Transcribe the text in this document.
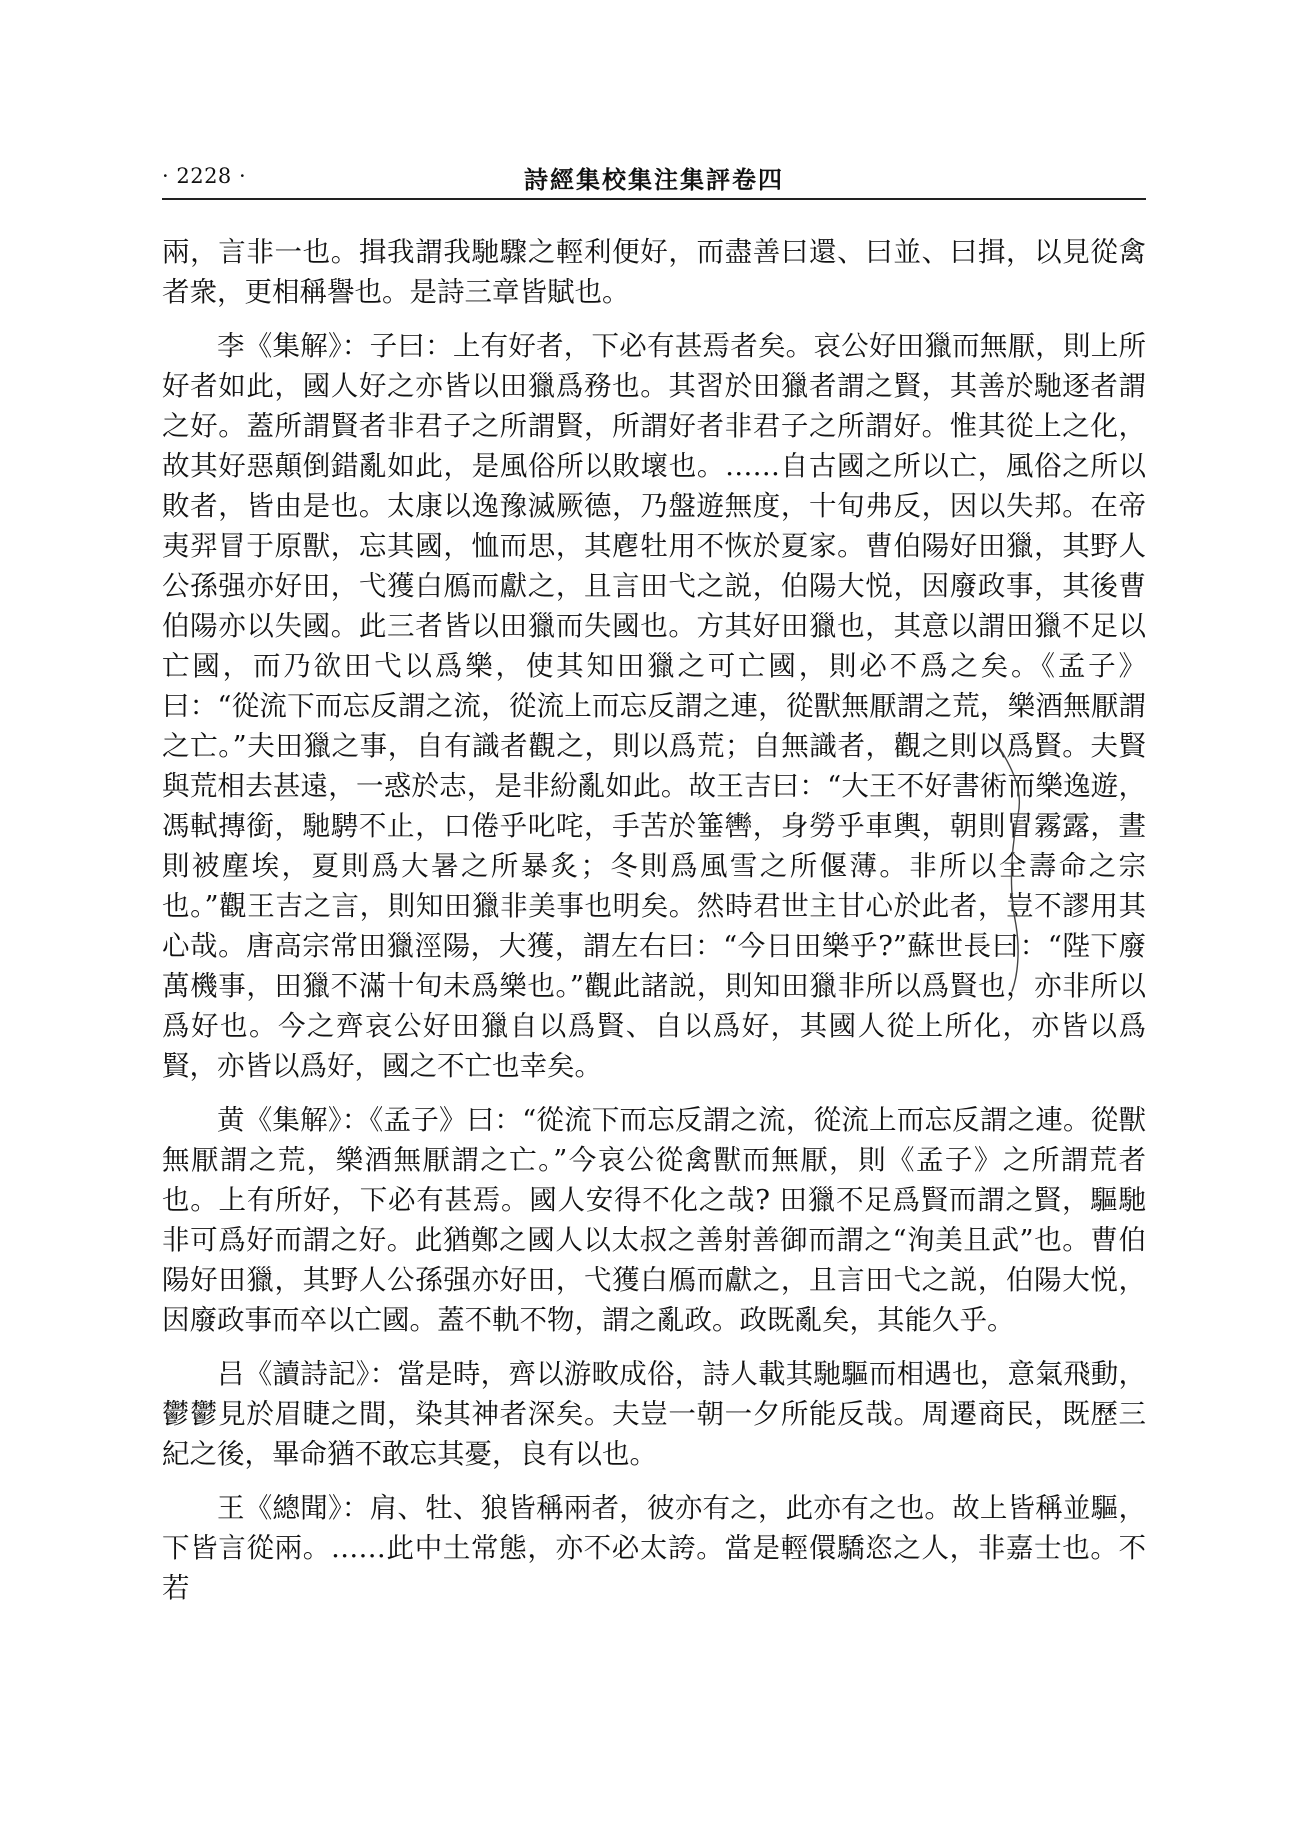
· 2228 ·	詩經集校集注集評卷四

兩，言非一也。揖我謂我馳驟之輕利便好，而盡善曰還、曰並、曰揖，以見從禽者衆，更相稱譽也。是詩三章皆賦也。

李《集解》：子曰：上有好者，下必有甚焉者矣。哀公好田獵而無厭，則上所好者如此，國人好之亦皆以田獵爲務也。其習於田獵者謂之賢，其善於馳逐者謂之好。蓋所謂賢者非君子之所謂賢，所謂好者非君子之所謂好。惟其從上之化，故其好惡顛倒錯亂如此，是風俗所以敗壞也。……自古國之所以亡，風俗之所以敗者，皆由是也。太康以逸豫滅厥德，乃盤遊無度，十旬弗反，因以失邦。在帝夷羿冒于原獸，忘其國，恤而思，其麀牡用不恢於夏家。曹伯陽好田獵，其野人公孫强亦好田，弋獲白鴈而獻之，且言田弋之説，伯陽大悦，因廢政事，其後曹伯陽亦以失國。此三者皆以田獵而失國也。方其好田獵也，其意以謂田獵不足以亡國，而乃欲田弋以爲樂，使其知田獵之可亡國，則必不爲之矣。《孟子》曰：“從流下而忘反謂之流，從流上而忘反謂之連，從獸無厭謂之荒，樂酒無厭謂之亡。”夫田獵之事，自有識者觀之，則以爲荒；自無識者，觀之則以爲賢。夫賢與荒相去甚遠，一惑於志，是非紛亂如此。故王吉曰：“大王不好書術而樂逸遊，馮軾摶銜，馳騁不止，口倦乎叱咤，手苦於箠轡，身勞乎車輿，朝則冒霧露，晝則被塵埃，夏則爲大暑之所暴炙；冬則爲風雪之所偃薄。非所以全壽命之宗也。”觀王吉之言，則知田獵非美事也明矣。然時君世主甘心於此者，豈不謬用其心哉。唐高宗常田獵涇陽，大獲，謂左右曰：“今日田樂乎?”蘇世長曰：“陛下廢萬機事，田獵不滿十旬未爲樂也。”觀此諸説，則知田獵非所以爲賢也，亦非所以爲好也。今之齊哀公好田獵自以爲賢、自以爲好，其國人從上所化，亦皆以爲賢，亦皆以爲好，國之不亡也幸矣。

黄《集解》：《孟子》曰：“從流下而忘反謂之流，從流上而忘反謂之連。從獸無厭謂之荒，樂酒無厭謂之亡。”今哀公從禽獸而無厭，則《孟子》之所謂荒者也。上有所好，下必有甚焉。國人安得不化之哉? 田獵不足爲賢而謂之賢，驅馳非可爲好而謂之好。此猶鄭之國人以太叔之善射善御而謂之“洵美且武”也。曹伯陽好田獵，其野人公孫强亦好田，弋獲白鴈而獻之，且言田弋之説，伯陽大悦，因廢政事而卒以亡國。蓋不軌不物，謂之亂政。政既亂矣，其能久乎。

吕《讀詩記》：當是時，齊以游畋成俗，詩人載其馳驅而相遇也，意氣飛動，鬱鬱見於眉睫之間，染其神者深矣。夫豈一朝一夕所能反哉。周遷商民，既歷三紀之後，畢命猶不敢忘其憂，良有以也。

王《總聞》：肩、牡、狼皆稱兩者，彼亦有之，此亦有之也。故上皆稱並驅，下皆言從兩。……此中土常態，亦不必太誇。當是輕儇驕恣之人，非嘉士也。不若
